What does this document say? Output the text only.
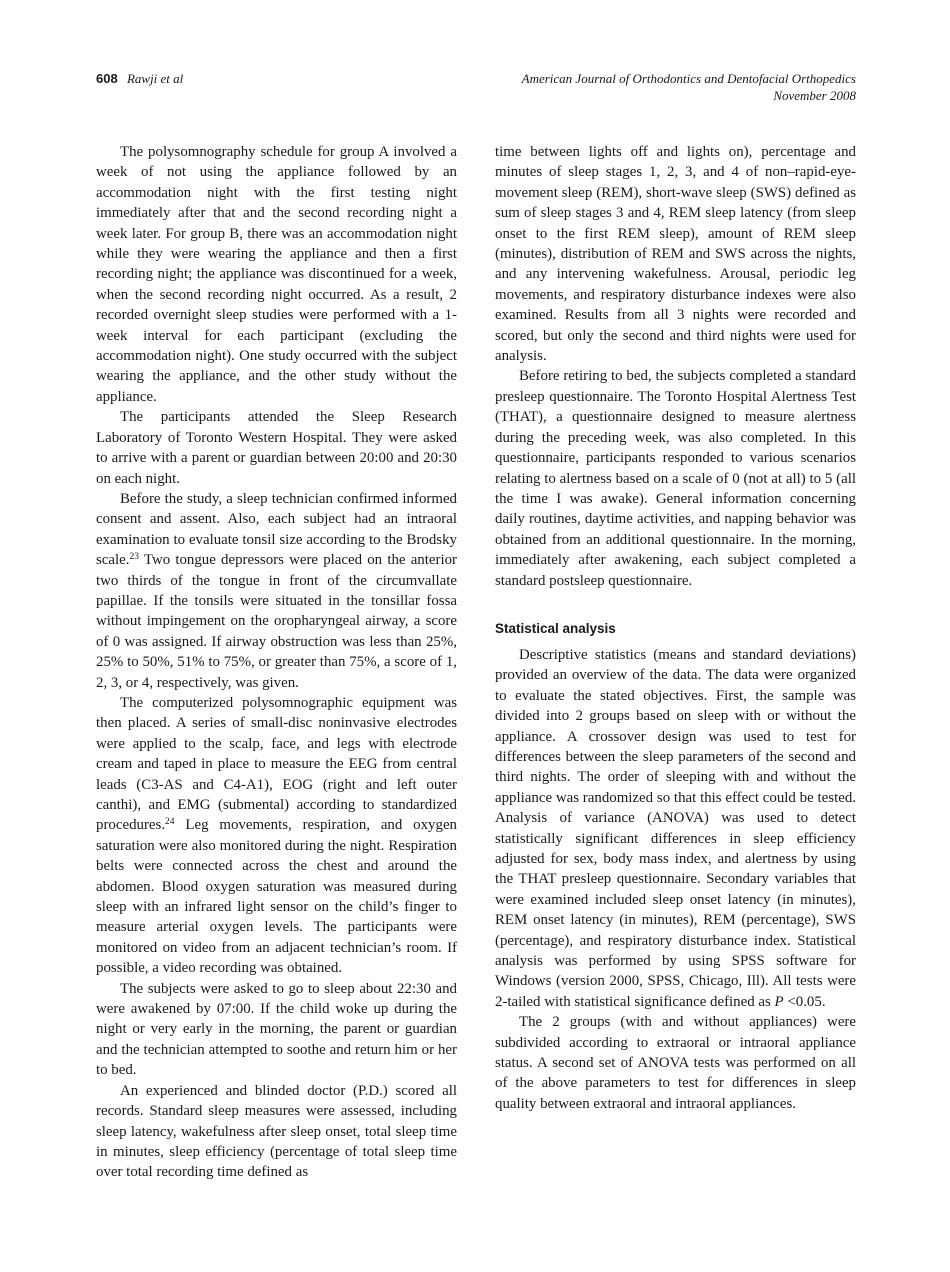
608 Rawji et al	American Journal of Orthodontics and Dentofacial Orthopedics
November 2008

The polysomnography schedule for group A involved a week of not using the appliance followed by an accommodation night with the first testing night immediately after that and the second recording night a week later. For group B, there was an accommodation night while they were wearing the appliance and then a first recording night; the appliance was discontinued for a week, when the second recording night occurred. As a result, 2 recorded overnight sleep studies were performed with a 1-week interval for each participant (excluding the accommodation night). One study occurred with the subject wearing the appliance, and the other study without the appliance.

The participants attended the Sleep Research Laboratory of Toronto Western Hospital. They were asked to arrive with a parent or guardian between 20:00 and 20:30 on each night.

Before the study, a sleep technician confirmed informed consent and assent. Also, each subject had an intraoral examination to evaluate tonsil size according to the Brodsky scale.$^{23}$ Two tongue depressors were placed on the anterior two thirds of the tongue in front of the circumvallate papillae. If the tonsils were situated in the tonsillar fossa without impingement on the oropharyngeal airway, a score of 0 was assigned. If airway obstruction was less than 25%, 25% to 50%, 51% to 75%, or greater than 75%, a score of 1, 2, 3, or 4, respectively, was given.

The computerized polysomnographic equipment was then placed. A series of small-disc noninvasive electrodes were applied to the scalp, face, and legs with electrode cream and taped in place to measure the EEG from central leads (C3-AS and C4-A1), EOG (right and left outer canthi), and EMG (submental) according to standardized procedures.$^{24}$ Leg movements, respiration, and oxygen saturation were also monitored during the night. Respiration belts were connected across the chest and around the abdomen. Blood oxygen saturation was measured during sleep with an infrared light sensor on the child’s finger to measure arterial oxygen levels. The participants were monitored on video from an adjacent technician’s room. If possible, a video recording was obtained.

The subjects were asked to go to sleep about 22:30 and were awakened by 07:00. If the child woke up during the night or very early in the morning, the parent or guardian and the technician attempted to soothe and return him or her to bed.

An experienced and blinded doctor (P.D.) scored all records. Standard sleep measures were assessed, including sleep latency, wakefulness after sleep onset, total sleep time in minutes, sleep efficiency (percentage of total sleep time over total recording time defined as

time between lights off and lights on), percentage and minutes of sleep stages 1, 2, 3, and 4 of non–rapid-eye-movement sleep (REM), short-wave sleep (SWS) defined as sum of sleep stages 3 and 4, REM sleep latency (from sleep onset to the first REM sleep), amount of REM sleep (minutes), distribution of REM and SWS across the nights, and any intervening wakefulness. Arousal, periodic leg movements, and respiratory disturbance indexes were also examined. Results from all 3 nights were recorded and scored, but only the second and third nights were used for analysis.

Before retiring to bed, the subjects completed a standard presleep questionnaire. The Toronto Hospital Alertness Test (THAT), a questionnaire designed to measure alertness during the preceding week, was also completed. In this questionnaire, participants responded to various scenarios relating to alertness based on a scale of 0 (not at all) to 5 (all the time I was awake). General information concerning daily routines, daytime activities, and napping behavior was obtained from an additional questionnaire. In the morning, immediately after awakening, each subject completed a standard postsleep questionnaire.

Statistical analysis

Descriptive statistics (means and standard deviations) provided an overview of the data. The data were organized to evaluate the stated objectives. First, the sample was divided into 2 groups based on sleep with or without the appliance. A crossover design was used to test for differences between the sleep parameters of the second and third nights. The order of sleeping with and without the appliance was randomized so that this effect could be tested. Analysis of variance (ANOVA) was used to detect statistically significant differences in sleep efficiency adjusted for sex, body mass index, and alertness by using the THAT presleep questionnaire. Secondary variables that were examined included sleep onset latency (in minutes), REM onset latency (in minutes), REM (percentage), SWS (percentage), and respiratory disturbance index. Statistical analysis was performed by using SPSS software for Windows (version 2000, SPSS, Chicago, Ill). All tests were 2-tailed with statistical significance defined as P <0.05.

The 2 groups (with and without appliances) were subdivided according to extraoral or intraoral appliance status. A second set of ANOVA tests was performed on all of the above parameters to test for differences in sleep quality between extraoral and intraoral appliances.
